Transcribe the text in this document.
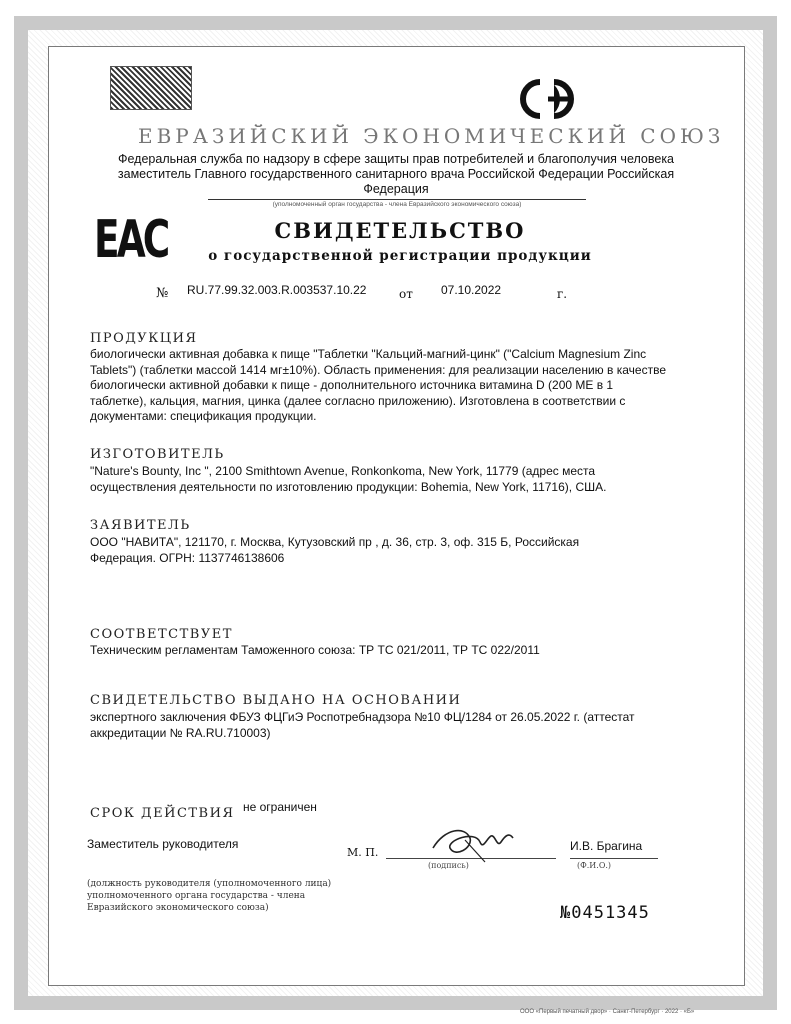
СЭ
ЕВРАЗИЙСКИЙ ЭКОНОМИЧЕСКИЙ СОЮЗ
Федеральная служба по надзору в сфере защиты прав потребителей и благополучия человека заместитель Главного государственного санитарного врача Российской Федерации Российская Федерация
(уполномоченный орган государства - члена Евразийского экономического союза)
EAC	СВИДЕТЕЛЬСТВО
о государственной регистрации продукции
№ RU.77.99.32.003.R.003537.10.22	от 07.10.2022	г.
ПРОДУКЦИЯ
биологически активная добавка к пище "Таблетки "Кальций-магний-цинк" ("Calcium Magnesium Zinc Tablets") (таблетки массой 1414 мг±10%). Область применения: для реализации населению в качестве биологически активной добавки к пище - дополнительного источника витамина D (200 МЕ в 1 таблетке), кальция, магния, цинка (далее согласно приложению). Изготовлена в соответствии с документами: спецификация продукции.
ИЗГОТОВИТЕЛЬ
"Nature's Bounty, Inc ", 2100 Smithtown Avenue, Ronkonkoma, New York, 11779 (адрес места осуществления деятельности по изготовлению продукции: Bohemia, New York, 11716), США.
ЗАЯВИТЕЛЬ
ООО "НАВИТА", 121170, г. Москва, Кутузовский пр , д. 36, стр. 3, оф. 315 Б, Российская Федерация. ОГРН: 1137746138606
СООТВЕТСТВУЕТ
Техническим регламентам Таможенного союза: ТР ТС 021/2011, ТР ТС 022/2011
СВИДЕТЕЛЬСТВО ВЫДАНО НА ОСНОВАНИИ
экспертного заключения ФБУЗ ФЦГиЭ Роспотребнадзора №10 ФЦ/1284 от 26.05.2022 г. (аттестат аккредитации № RA.RU.710003)
СРОК ДЕЙСТВИЯ не ограничен
Заместитель руководителя
М. П.	И.В. Брагина
(подпись)	(Ф.И.О.)
(должность руководителя (уполномоченного лица) уполномоченного органа государства - члена Евразийского экономического союза)	№0451345
ООО «Первый печатный двор» · Санкт-Петербург · 2022 · «Б»
